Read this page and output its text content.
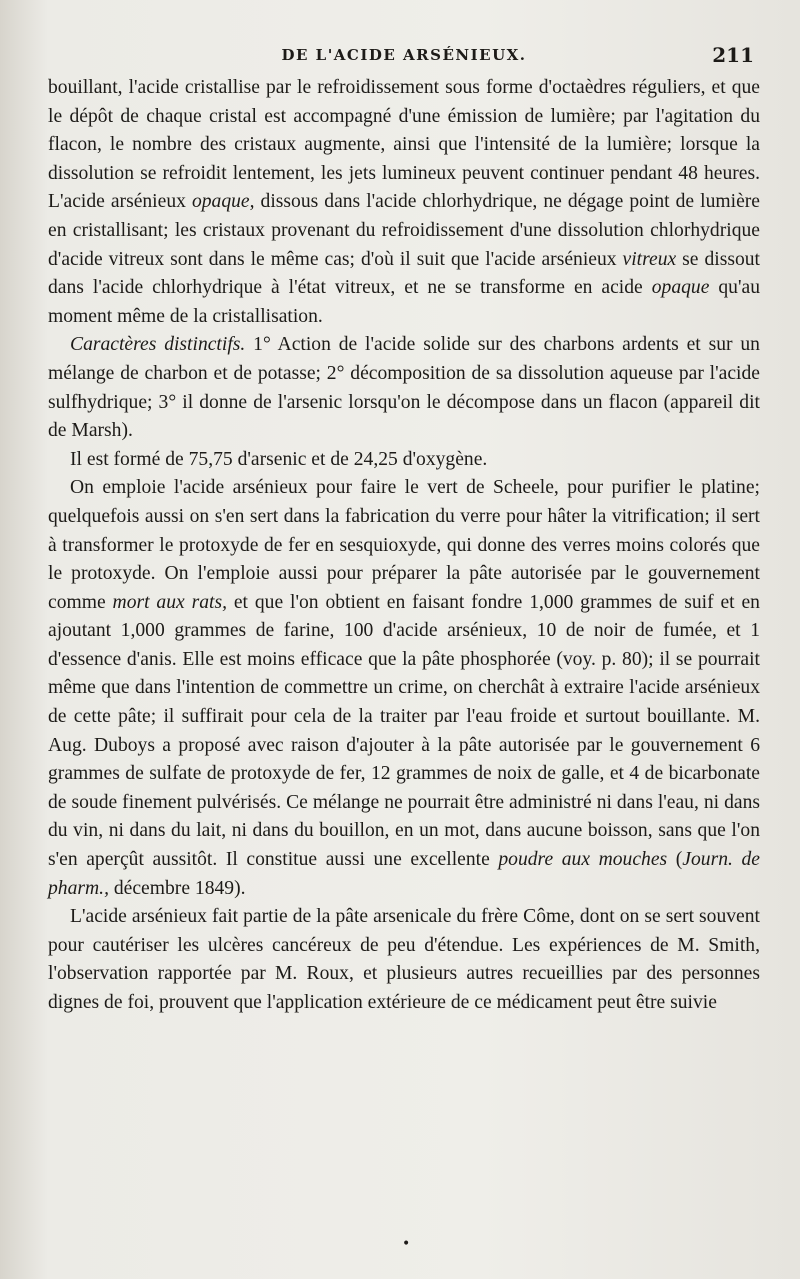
DE L'ACIDE ARSÉNIEUX.	211

bouillant, l'acide cristallise par le refroidissement sous forme d'octaèdres réguliers, et que le dépôt de chaque cristal est accompagné d'une émission de lumière; par l'agitation du flacon, le nombre des cristaux augmente, ainsi que l'intensité de la lumière; lorsque la dissolution se refroidit lentement, les jets lumineux peuvent continuer pendant 48 heures. L'acide arsénieux opaque, dissous dans l'acide chlorhydrique, ne dégage point de lumière en cristallisant; les cristaux provenant du refroidissement d'une dissolution chlorhydrique d'acide vitreux sont dans le même cas; d'où il suit que l'acide arsénieux vitreux se dissout dans l'acide chlorhydrique à l'état vitreux, et ne se transforme en acide opaque qu'au moment même de la cristallisation.

Caractères distinctifs. 1° Action de l'acide solide sur des charbons ardents et sur un mélange de charbon et de potasse; 2° décomposition de sa dissolution aqueuse par l'acide sulfhydrique; 3° il donne de l'arsenic lorsqu'on le décompose dans un flacon (appareil dit de Marsh).

Il est formé de 75,75 d'arsenic et de 24,25 d'oxygène.

On emploie l'acide arsénieux pour faire le vert de Scheele, pour purifier le platine; quelquefois aussi on s'en sert dans la fabrication du verre pour hâter la vitrification; il sert à transformer le protoxyde de fer en sesquioxyde, qui donne des verres moins colorés que le protoxyde. On l'emploie aussi pour préparer la pâte autorisée par le gouvernement comme mort aux rats, et que l'on obtient en faisant fondre 1,000 grammes de suif et en ajoutant 1,000 grammes de farine, 100 d'acide arsénieux, 10 de noir de fumée, et 1 d'essence d'anis. Elle est moins efficace que la pâte phosphorée (voy. p. 80); il se pourrait même que dans l'intention de commettre un crime, on cherchât à extraire l'acide arsénieux de cette pâte; il suffirait pour cela de la traiter par l'eau froide et surtout bouillante. M. Aug. Duboys a proposé avec raison d'ajouter à la pâte autorisée par le gouvernement 6 grammes de sulfate de protoxyde de fer, 12 grammes de noix de galle, et 4 de bicarbonate de soude finement pulvérisés. Ce mélange ne pourrait être administré ni dans l'eau, ni dans du vin, ni dans du lait, ni dans du bouillon, en un mot, dans aucune boisson, sans que l'on s'en aperçût aussitôt. Il constitue aussi une excellente poudre aux mouches (Journ. de pharm., décembre 1849).

L'acide arsénieux fait partie de la pâte arsenicale du frère Côme, dont on se sert souvent pour cautériser les ulcères cancéreux de peu d'étendue. Les expériences de M. Smith, l'observation rapportée par M. Roux, et plusieurs autres recueillies par des personnes dignes de foi, prouvent que l'application extérieure de ce médicament peut être suivie

•
